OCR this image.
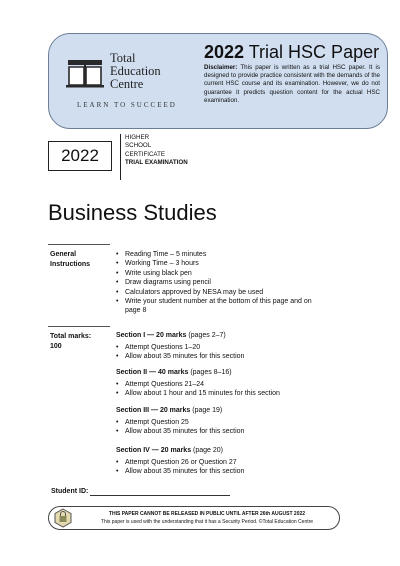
Total
Education
Centre
LEARN TO SUCCEED
2022 Trial HSC Paper
Disclaimer: This paper is written as a trial HSC paper. It is designed to provide practice consistent with the demands of the current HSC course and its examination. However, we do not guarantee it predicts question content for the actual HSC examination.
2022
HIGHER
SCHOOL
CERTIFICATE
TRIAL EXAMINATION
Business Studies
General
Instructions
• Reading Time – 5 minutes
• Working Time – 3 hours
• Write using black pen
• Draw diagrams using pencil
• Calculators approved by NESA may be used
• Write your student number at the bottom of this page and on page 8
Total marks:
100
Section I — 20 marks (pages 2–7)
• Attempt Questions 1–20
• Allow about 35 minutes for this section
Section II — 40 marks (pages 8–16)
• Attempt Questions 21–24
• Allow about 1 hour and 15 minutes for this section
Section III — 20 marks (page 19)
• Attempt Question 25
• Allow about 35 minutes for this section
Section IV — 20 marks (page 20)
• Attempt Question 26 or Question 27
• Allow about 35 minutes for this section
Student ID:
THIS PAPER CANNOT BE RELEASED IN PUBLIC UNTIL AFTER 26th AUGUST 2022
This paper is used with the understanding that it has a Security Period. ©Total Education Centre
